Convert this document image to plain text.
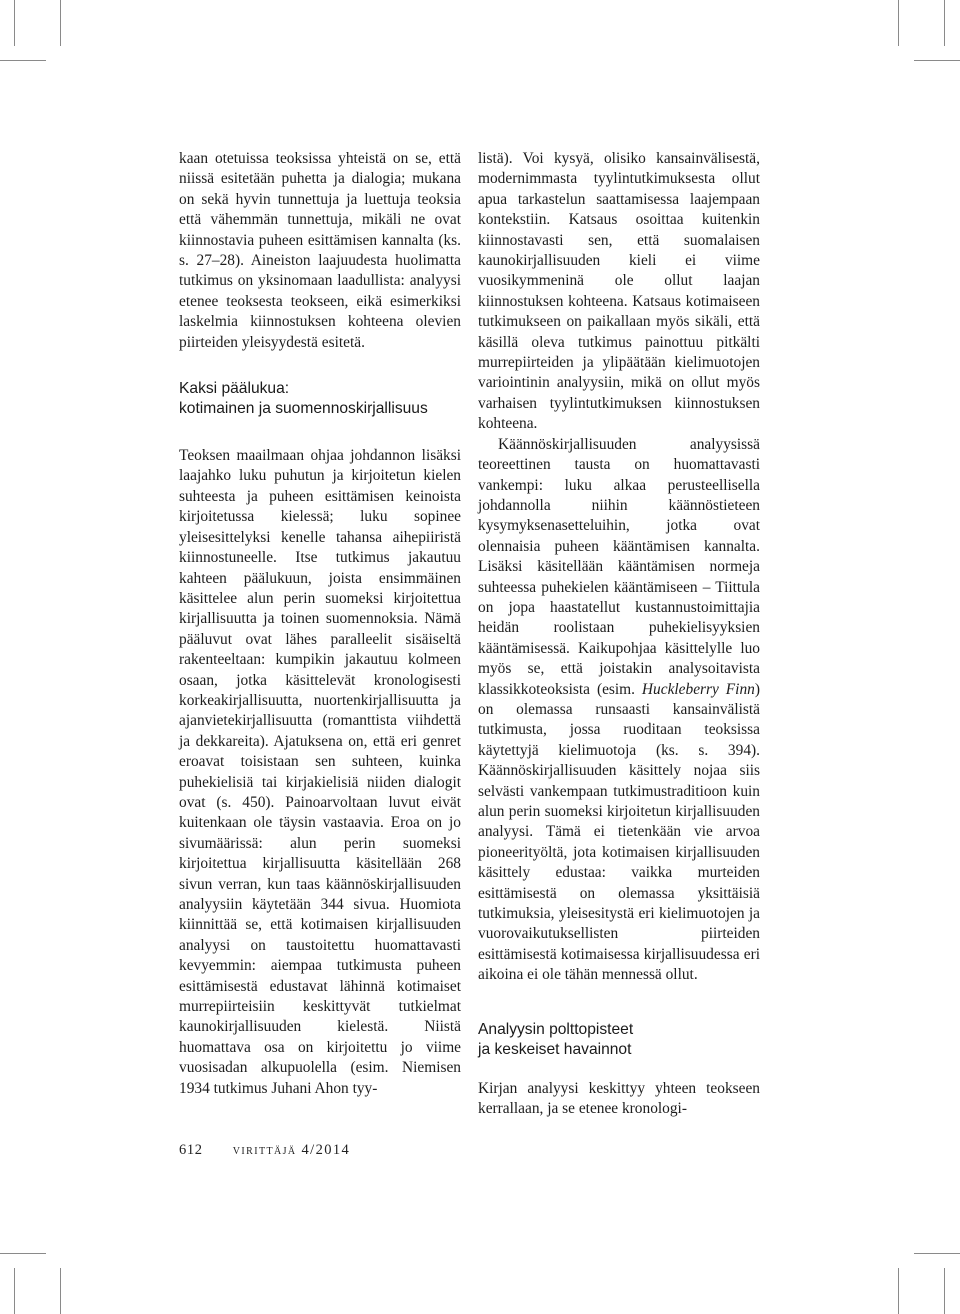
kaan otetuissa teoksissa yhteistä on se, että niissä esitetään puhetta ja dialogia; mukana on sekä hyvin tunnettuja ja luettuja teoksia että vähemmän tunnettuja, mikäli ne ovat kiinnostavia puheen esittämisen kannalta (ks. s. 27–28). Aineiston laajuudesta huolimatta tutkimus on yksinomaan laadullista: analyysi etenee teoksesta teokseen, eikä esimerkiksi laskelmia kiinnostuksen kohteena olevien piirteiden yleisyydestä esitetä.

Kaksi päälukua:
kotimainen ja suomennoskirjallisuus

Teoksen maailmaan ohjaa johdannon lisäksi laajahko luku puhutun ja kirjoitetun kielen suhteesta ja puheen esittämisen keinoista kirjoitetussa kielessä; luku sopinee yleisesittelyksi kenelle tahansa aihepiiristä kiinnostuneelle. Itse tutkimus jakautuu kahteen päälukuun, joista ensimmäinen käsittelee alun perin suomeksi kirjoitettua kirjallisuutta ja toinen suomennoksia. Nämä pääluvut ovat lähes paralleelit sisäiseltä rakenteeltaan: kumpikin jakautuu kolmeen osaan, jotka käsittelevät kronologisesti korkeakirjallisuutta, nuortenkirjallisuutta ja ajanvietekirjallisuutta (romanttista viihdettä ja dekkareita). Ajatuksena on, että eri genret eroavat toisistaan sen suhteen, kuinka puhekielisiä tai kirjakielisiä niiden dialogit ovat (s. 450). Painoarvoltaan luvut eivät kuitenkaan ole täysin vastaavia. Eroa on jo sivumäärissä: alun perin suomeksi kirjoitettua kirjallisuutta käsitellään 268 sivun verran, kun taas käännöskirjallisuuden analyysiin käytetään 344 sivua. Huomiota kiinnittää se, että kotimaisen kirjallisuuden analyysi on taustoitettu huomattavasti kevyemmin: aiempaa tutkimusta puheen esittämisestä edustavat lähinnä kotimaiset murrepiirteisiin keskittyvät tutkielmat kaunokirjallisuuden kielestä. Niistä huomattava osa on kirjoitettu jo viime vuosisadan alkupuolella (esim. Niemisen 1934 tutkimus Juhani Ahon tyy-

listä). Voi kysyä, olisiko kansainvälisestä, modernimmasta tyylintutkimuksesta ollut apua tarkastelun saattamisessa laajempaan kontekstiin. Katsaus osoittaa kuitenkin kiinnostavasti sen, että suomalaisen kaunokirjallisuuden kieli ei viime vuosikymmeninä ole ollut laajan kiinnostuksen kohteena. Katsaus kotimaiseen tutkimukseen on paikallaan myös sikäli, että käsillä oleva tutkimus painottuu pitkälti murrepiirteiden ja ylipäätään kielimuotojen variointinin analyysiin, mikä on ollut myös varhaisen tyylintutkimuksen kiinnostuksen kohteena.

Käännöskirjallisuuden analyysissä teoreettinen tausta on huomattavasti vankempi: luku alkaa perusteellisella johdannolla niihin käännöstieteen kysymyksenasetteluihin, jotka ovat olennaisia puheen kääntämisen kannalta. Lisäksi käsitellään kääntämisen normeja suhteessa puhekielen kääntämiseen – Tiittula on jopa haastatellut kustannustoimittajia heidän roolistaan puhekielisyyksien kääntämisessä. Kaikupohjaa käsittelylle luo myös se, että joistakin analysoitavista klassikkoteoksista (esim. Huckleberry Finn) on olemassa runsaasti kansainvälistä tutkimusta, jossa ruoditaan teoksissa käytettyjä kielimuotoja (ks. s. 394). Käännöskirjallisuuden käsittely nojaa siis selvästi vankempaan tutkimustraditioon kuin alun perin suomeksi kirjoitetun kirjallisuuden analyysi. Tämä ei tietenkään vie arvoa pioneerityöltä, jota kotimaisen kirjallisuuden käsittely edustaa: vaikka murteiden esittämisestä on olemassa yksittäisiä tutkimuksia, yleisesitystä eri kielimuotojen ja vuorovaikutuksellisten piirteiden esittämisestä kotimaisessa kirjallisuudessa eri aikoina ei ole tähän mennessä ollut.

Analyysin polttopisteet
ja keskeiset havainnot

Kirjan analyysi keskittyy yhteen teokseen kerrallaan, ja se etenee kronologi-

612 virittäjä 4/2014
